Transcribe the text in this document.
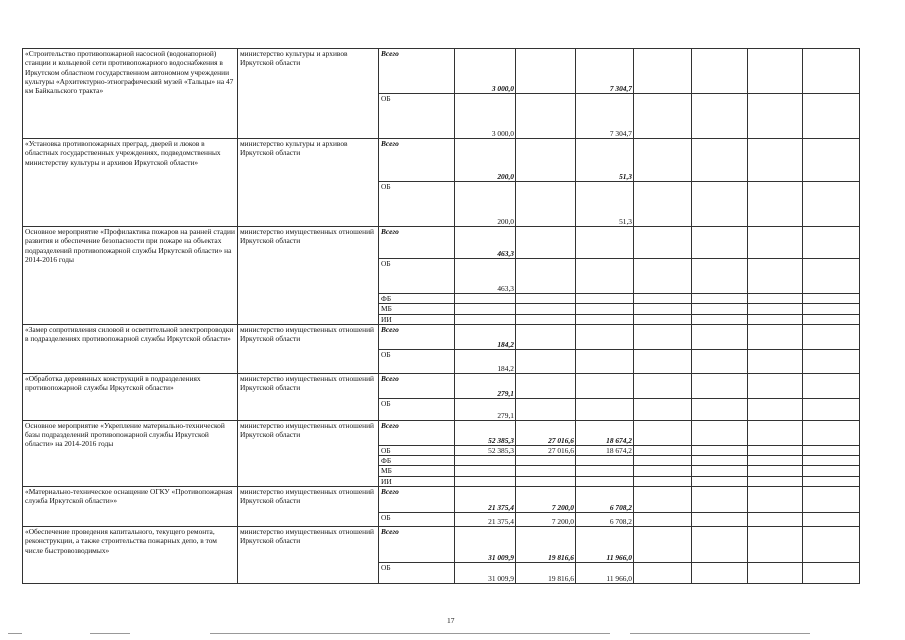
«Строительство противопожарной насосной (водонапорной) станции и кольцевой сети противопожарного водоснабжения в Иркутском областном государственном автономном учреждении культуры «Архитектурно-этнографический музей «Тальцы» на 47 км Байкальского тракта»	министерство культуры и архивов Иркутской области	Всего	3 000,0		7 304,7				
		ОБ	3 000,0		7 304,7				
«Установка противопожарных преград, дверей и люков в областных государственных учреждениях, подведомственных министерству культуры и архивов Иркутской области»	министерство культуры и архивов Иркутской области	Всего	200,0		51,3				
		ОБ	200,0		51,3				
Основное мероприятие «Профилактика пожаров на ранней стадии развития и обеспечение безопасности при пожаре на объектах подразделений противопожарной службы Иркутской области» на 2014-2016 годы	министерство имущественных отношений Иркутской области	Всего	463,3						
		ОБ	463,3						
		ФБ							
		МБ							
		ИИ							
«Замер сопротивления силовой и осветительной электропроводки в подразделениях противопожарной службы Иркутской области»	министерство имущественных отношений Иркутской области	Всего	184,2						
		ОБ	184,2						
«Обработка деревянных конструкций в подразделениях противопожарной службы Иркутской области»	министерство имущественных отношений Иркутской области	Всего	279,1						
		ОБ	279,1						
Основное мероприятие «Укрепление материально-технической базы подразделений противопожарной службы Иркутской области» на 2014-2016 годы	министерство имущественных отношений Иркутской области	Всего	52 385,3	27 016,6	18 674,2				
		ОБ	52 385,3	27 016,6	18 674,2				
		ФБ							
		МБ							
		ИИ							
«Материально-техническое оснащение ОГКУ «Противопожарная служба Иркутской области»»	министерство имущественных отношений Иркутской области	Всего	21 375,4	7 200,0	6 708,2				
		ОБ	21 375,4	7 200,0	6 708,2				
«Обеспечение проведения капитального, текущего ремонта, реконструкции, а также строительства пожарных депо, в том числе быстровозводимых»	министерство имущественных отношений Иркутской области	Всего	31 009,9	19 816,6	11 966,0				
		ОБ	31 009,9	19 816,6	11 966,0				
17
